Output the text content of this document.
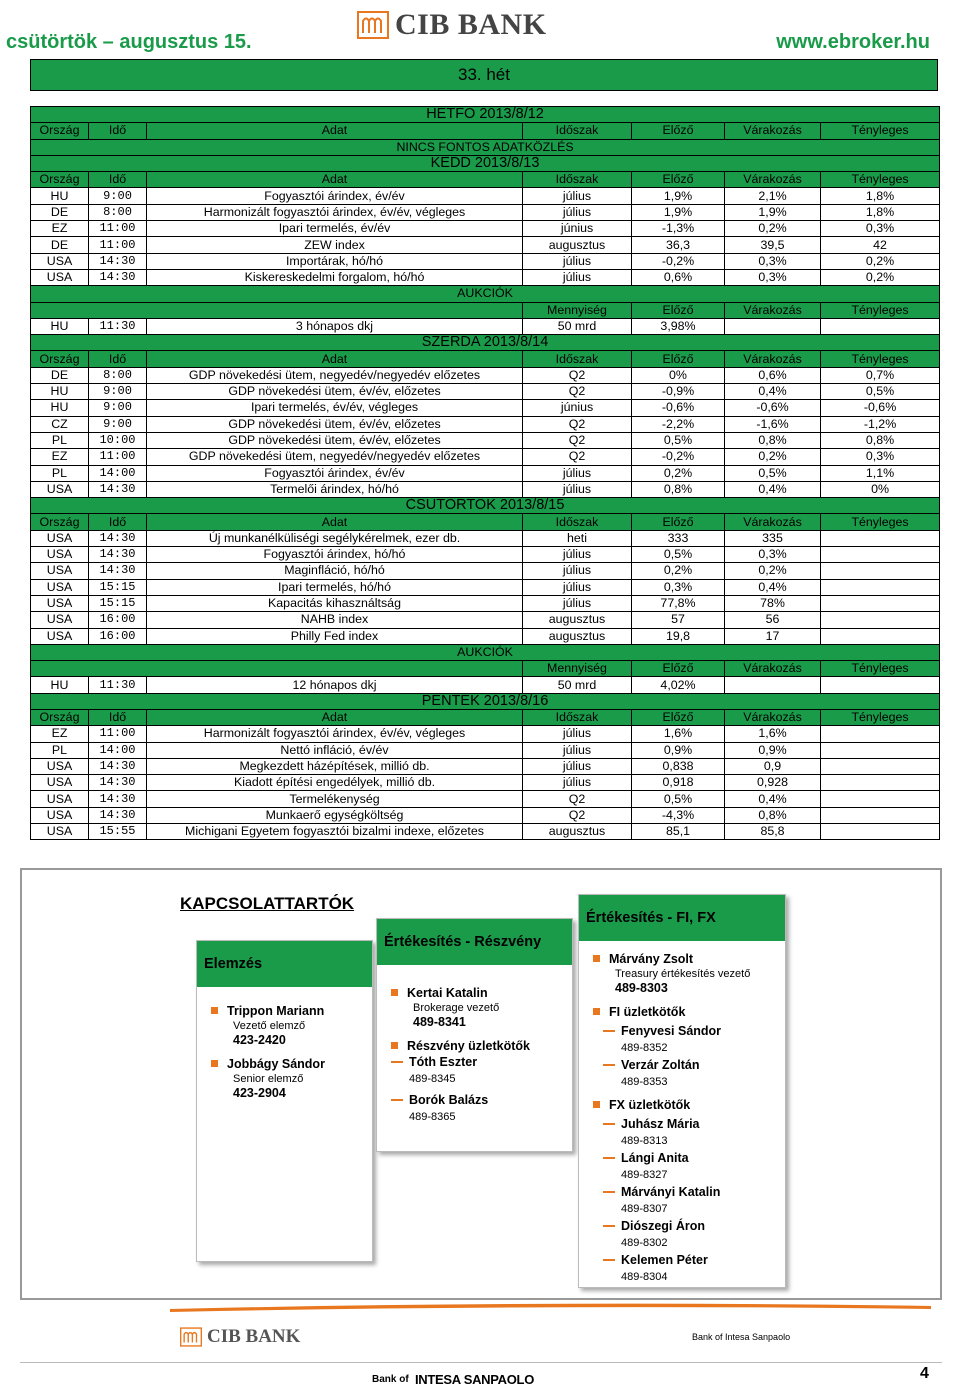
csütörtök – augusztus 15.
CIB BANK
www.ebroker.hu
33. hét
HETFO 2013/8/12						
Ország	Idő	Adat	Időszak	Előző	Várakozás	Tényleges
NINCS FONTOS ADATKÖZLÉS						
KEDD 2013/8/13						
Ország	Idő	Adat	Időszak	Előző	Várakozás	Tényleges
HU	9:00	Fogyasztói árindex, év/év	július	1,9%	2,1%	1,8%
DE	8:00	Harmonizált fogyasztói árindex, év/év, végleges	július	1,9%	1,9%	1,8%
EZ	11:00	Ipari termelés, év/év	június	-1,3%	0,2%	0,3%
DE	11:00	ZEW index	augusztus	36,3	39,5	42
USA	14:30	Importárak, hó/hó	július	-0,2%	0,3%	0,2%
USA	14:30	Kiskereskedelmi forgalom, hó/hó	július	0,6%	0,3%	0,2%
AUKCIÓK						
			Mennyiség	Előző	Várakozás	Tényleges
HU	11:30	3 hónapos dkj	50 mrd	3,98%		
SZERDA 2013/8/14						
Ország	Idő	Adat	Időszak	Előző	Várakozás	Tényleges
DE	8:00	GDP növekedési ütem, negyedév/negyedév előzetes	Q2	0%	0,6%	0,7%
HU	9:00	GDP növekedési ütem, év/év, előzetes	Q2	-0,9%	0,4%	0,5%
HU	9:00	Ipari termelés, év/év, végleges	június	-0,6%	-0,6%	-0,6%
CZ	9:00	GDP növekedési ütem, év/év, előzetes	Q2	-2,2%	-1,6%	-1,2%
PL	10:00	GDP növekedési ütem, év/év, előzetes	Q2	0,5%	0,8%	0,8%
EZ	11:00	GDP növekedési ütem, negyedév/negyedév előzetes	Q2	-0,2%	0,2%	0,3%
PL	14:00	Fogyasztói árindex, év/év	július	0,2%	0,5%	1,1%
USA	14:30	Termelői árindex, hó/hó	július	0,8%	0,4%	0%
CSUTORTOK 2013/8/15						
Ország	Idő	Adat	Időszak	Előző	Várakozás	Tényleges
USA	14:30	Új munkanélküliségi segélykérelmek, ezer db.	heti	333	335	
USA	14:30	Fogyasztói árindex, hó/hó	július	0,5%	0,3%	
USA	14:30	Maginfláció, hó/hó	július	0,2%	0,2%	
USA	15:15	Ipari termelés, hó/hó	július	0,3%	0,4%	
USA	15:15	Kapacitás kihasználtság	július	77,8%	78%	
USA	16:00	NAHB index	augusztus	57	56	
USA	16:00	Philly Fed index	augusztus	19,8	17	
AUKCIÓK						
			Mennyiség	Előző	Várakozás	Tényleges
HU	11:30	12 hónapos dkj	50 mrd	4,02%		
PENTEK 2013/8/16						
Ország	Idő	Adat	Időszak	Előző	Várakozás	Tényleges
EZ	11:00	Harmonizált fogyasztói árindex, év/év, végleges	július	1,6%	1,6%	
PL	14:00	Nettó infláció, év/év	július	0,9%	0,9%	
USA	14:30	Megkezdett házépítések, millió db.	július	0,838	0,9	
USA	14:30	Kiadott építési engedélyek, millió db.	július	0,918	0,928	
USA	14:30	Termelékenység	Q2	0,5%	0,4%	
USA	14:30	Munkaerő egységköltség	Q2	-4,3%	0,8%	
USA	15:55	Michigani Egyetem fogyasztói bizalmi indexe, előzetes	augusztus	85,1	85,8	
KAPCSOLATTARTÓK
Elemzés
Trippon Mariann
Vezető elemző
423-2420
Jobbágy Sándor
Senior elemző
423-2904
Értékesítés - Részvény
Kertai Katalin
Brokerage vezető
489-8341
Részvény üzletkötők
Tóth Eszter
489-8345
Borók Balázs
489-8365
Értékesítés - FI, FX
Márvány Zsolt
Treasury értékesítés vezető
489-8303
FI üzletkötők
Fenyvesi Sándor
489-8352
Verzár Zoltán
489-8353
FX üzletkötők
Juhász Mária
489-8313
Lángi Anita
489-8327
Márványi Katalin
489-8307
Diószegi Áron
489-8302
Kelemen Péter
489-8304
CIB BANK	Bank of Intesa Sanpaolo
Bank of INTESA SANPAOLO	4
